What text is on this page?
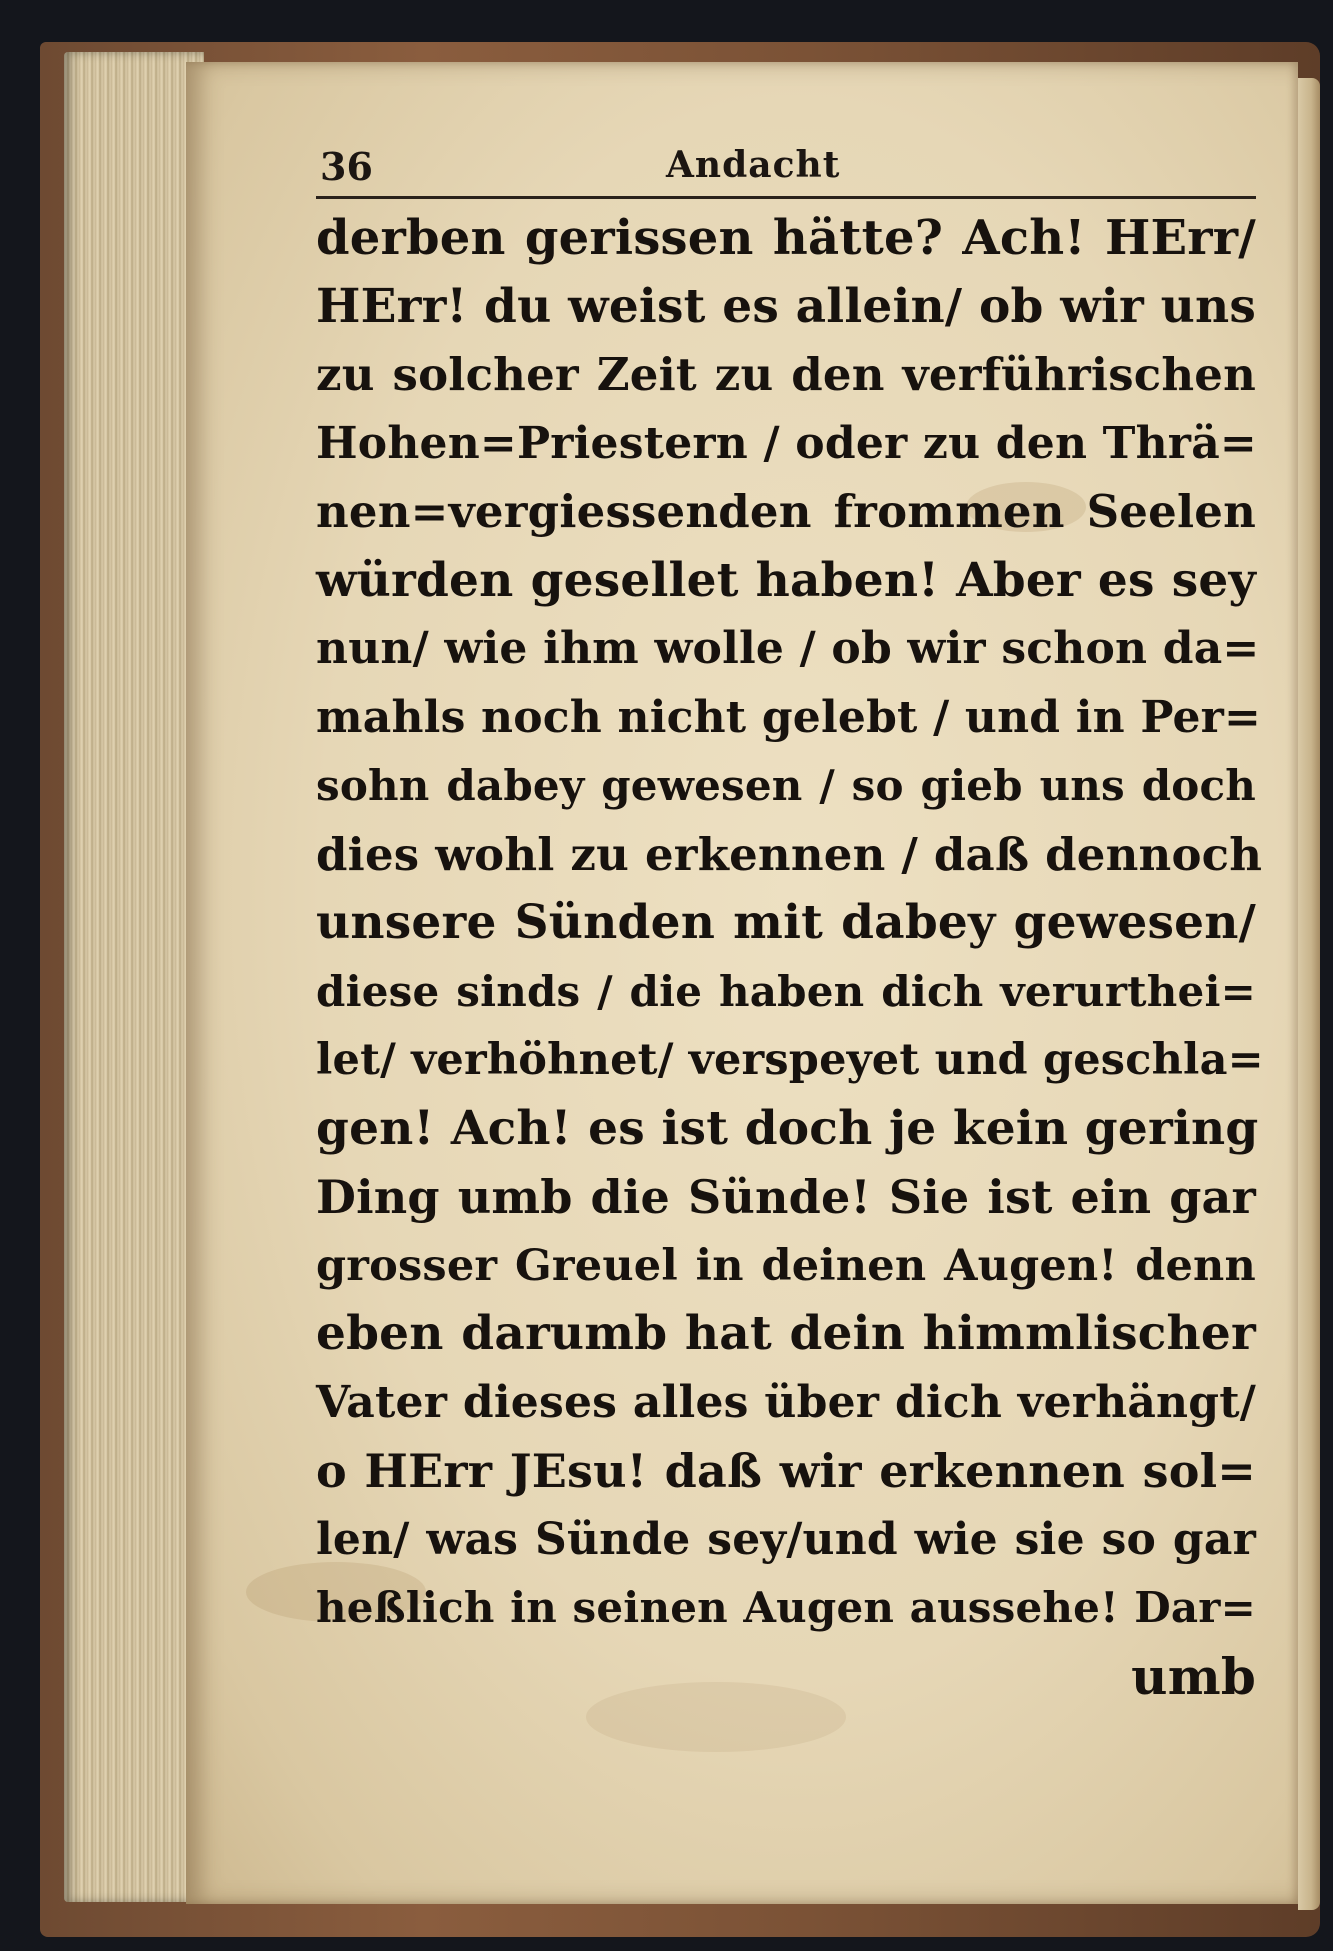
36	Andacht
derben gerissen hätte? Ach! HErr/
HErr! du weist es allein/ ob wir uns
zu solcher Zeit zu den verführischen
Hohen=Priestern / oder zu den Thrä=
nen=vergiessenden frommen Seelen
würden gesellet haben! Aber es sey
nun/ wie ihm wolle / ob wir schon da=
mahls noch nicht gelebt / und in Per=
sohn dabey gewesen / so gieb uns doch
dies wohl zu erkennen / daß dennoch
unsere Sünden mit dabey gewesen/
diese sinds / die haben dich verurthei=
let/ verhöhnet/ verspeyet und geschla=
gen! Ach! es ist doch je kein gering
Ding umb die Sünde! Sie ist ein gar
grosser Greuel in deinen Augen! denn
eben darumb hat dein himmlischer
Vater dieses alles über dich verhängt/
o HErr JEsu! daß wir erkennen sol=
len/ was Sünde sey/und wie sie so gar
heßlich in seinen Augen aussehe! Dar=
umb
